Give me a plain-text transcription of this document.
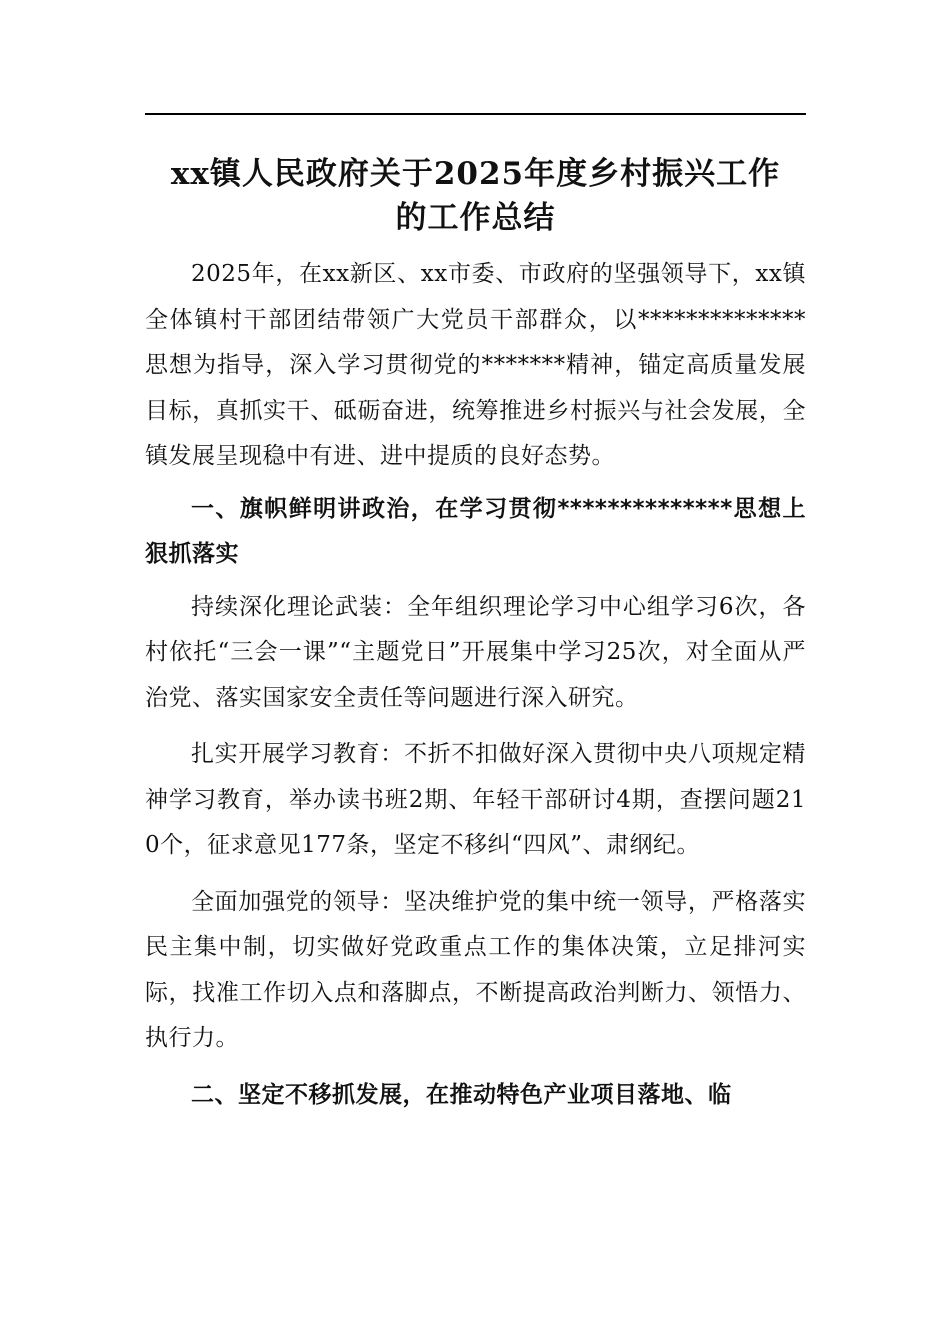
xx镇人民政府关于2025年度乡村振兴工作
的工作总结

2025年，在xx新区、xx市委、市政府的坚强领导下，xx镇全体镇村干部团结带领广大党员干部群众，以**************思想为指导，深入学习贯彻党的*******精神，锚定高质量发展目标，真抓实干、砥砺奋进，统筹推进乡村振兴与社会发展，全镇发展呈现稳中有进、进中提质的良好态势。

一、旗帜鲜明讲政治，在学习贯彻**************思想上狠抓落实

持续深化理论武装：全年组织理论学习中心组学习6次，各村依托“三会一课”“主题党日”开展集中学习25次，对全面从严治党、落实国家安全责任等问题进行深入研究。

扎实开展学习教育：不折不扣做好深入贯彻中央八项规定精神学习教育，举办读书班2期、年轻干部研讨4期，查摆问题210个，征求意见177条，坚定不移纠“四风”、肃纲纪。

全面加强党的领导：坚决维护党的集中统一领导，严格落实民主集中制，切实做好党政重点工作的集体决策，立足排河实际，找准工作切入点和落脚点，不断提高政治判断力、领悟力、执行力。

二、坚定不移抓发展，在推动特色产业项目落地、临
